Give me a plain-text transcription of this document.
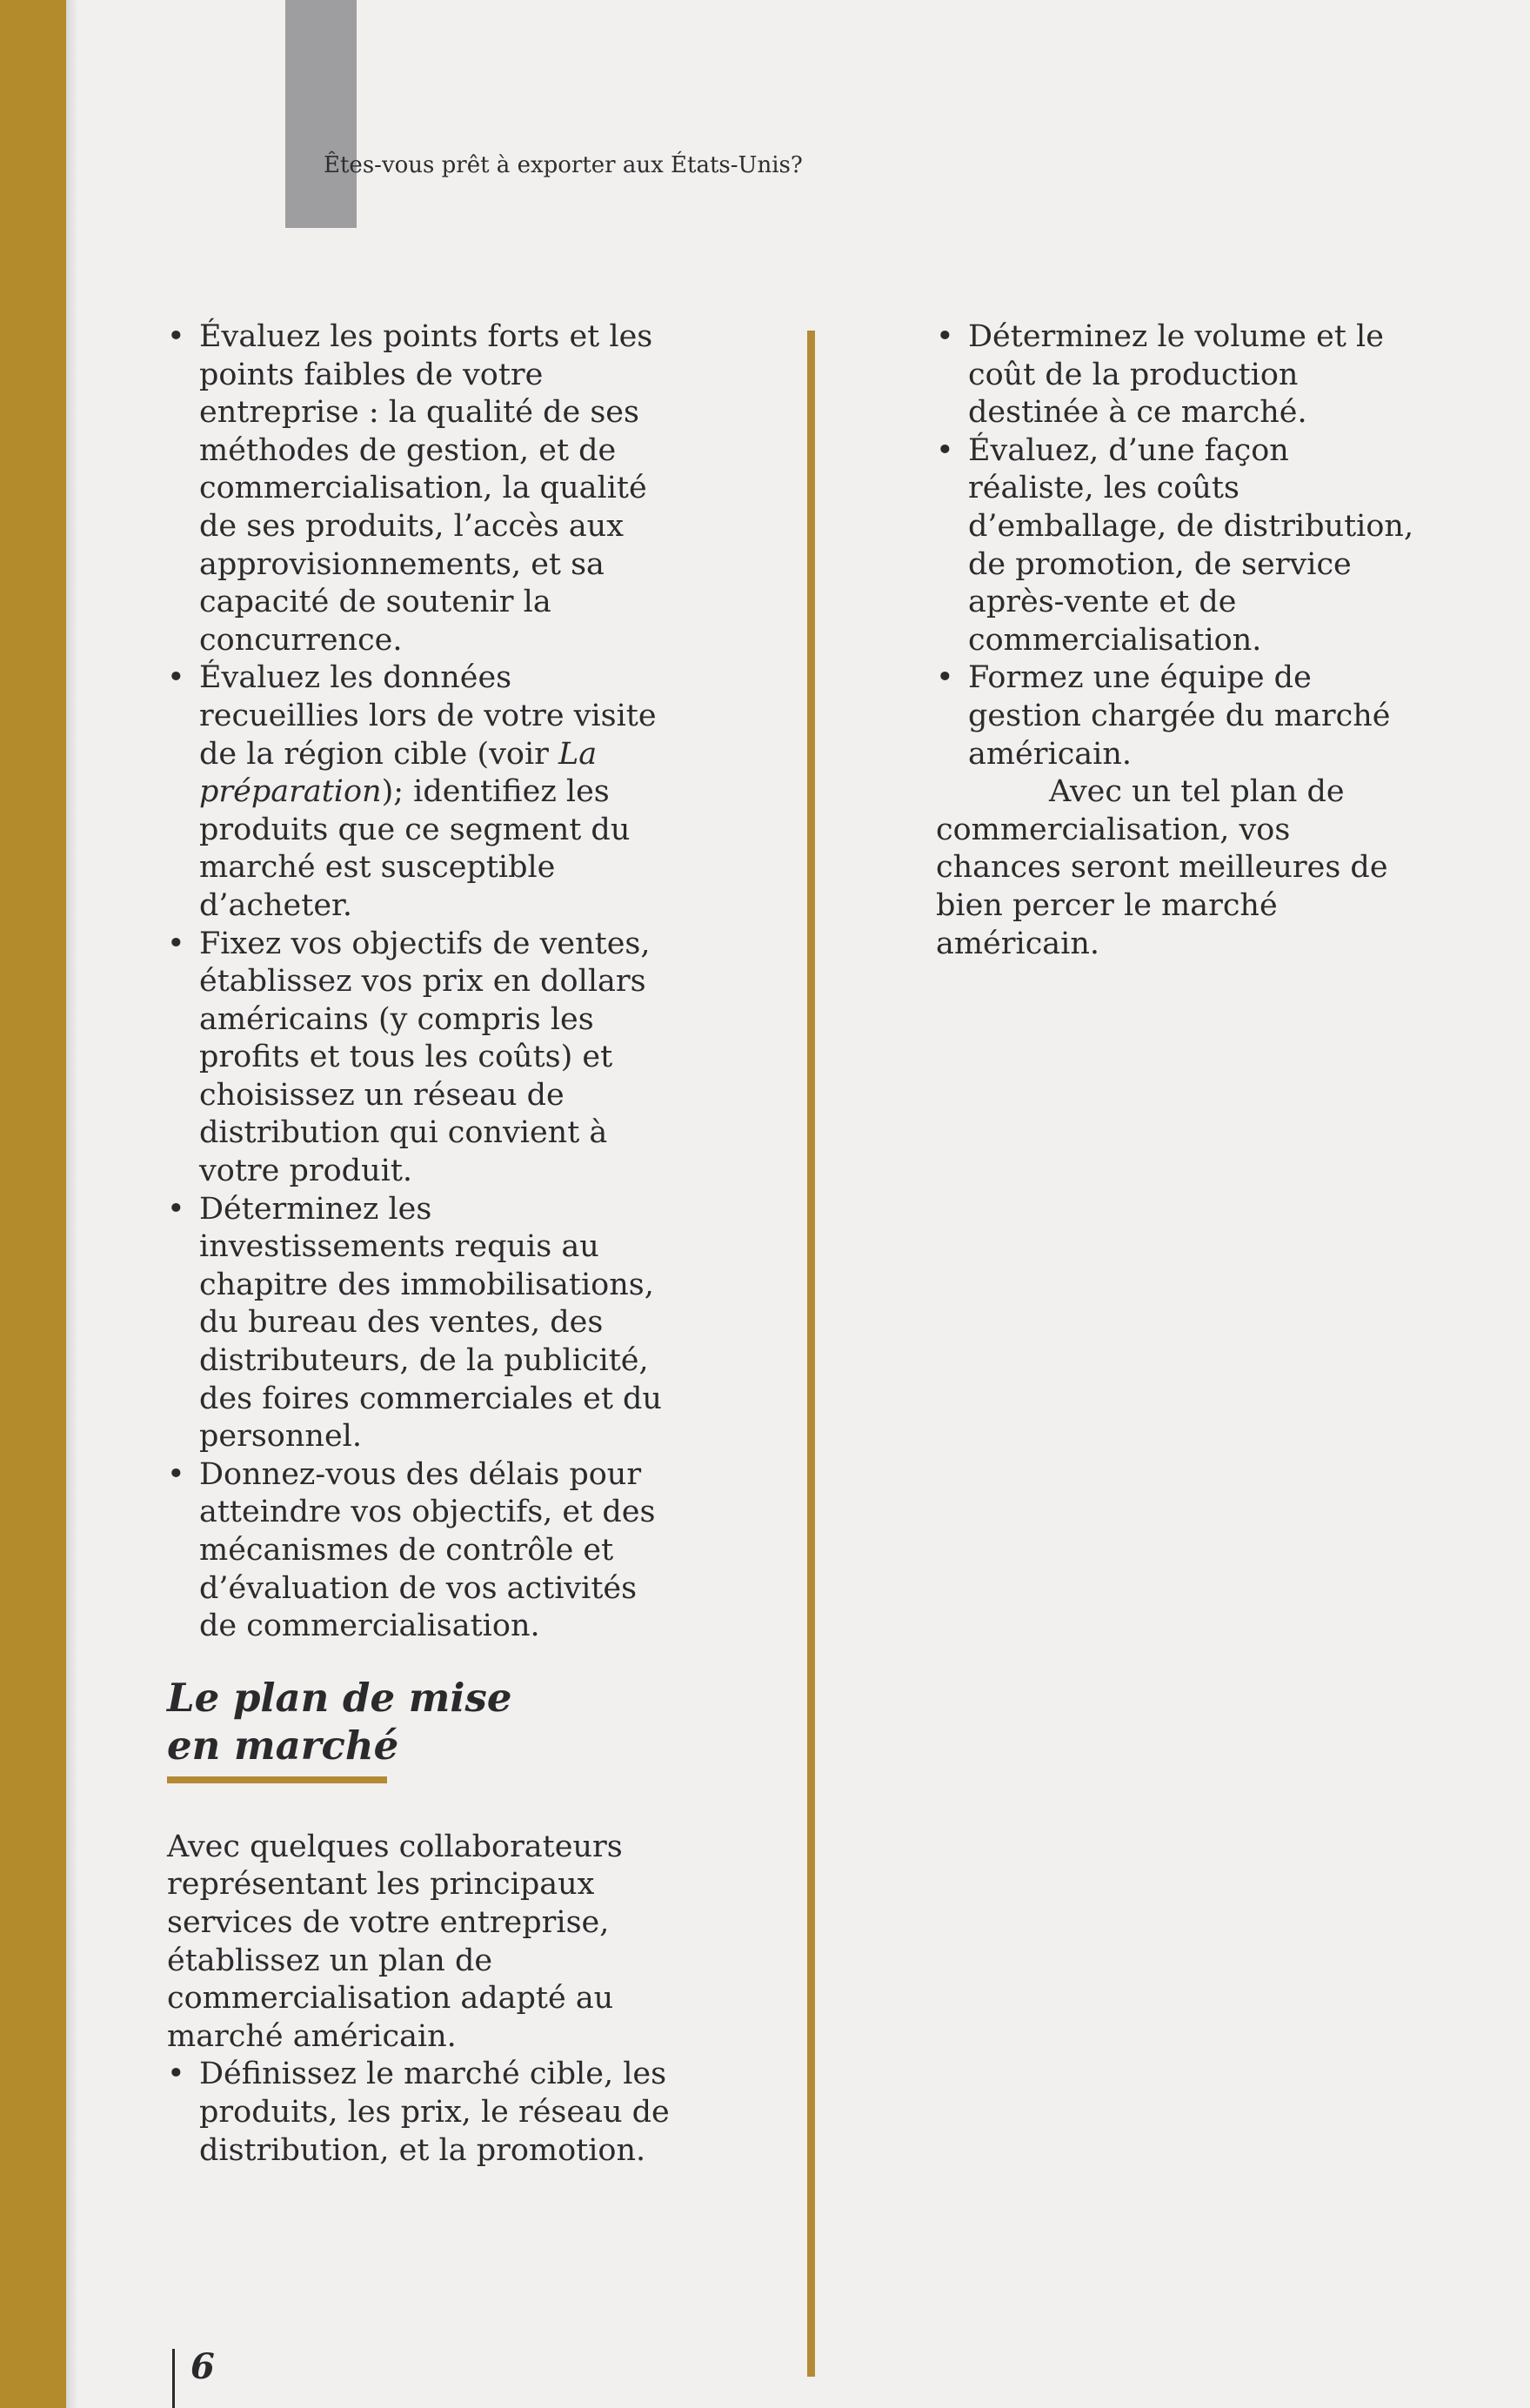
Êtes-vous prêt à exporter aux États-Unis?
• Évaluez les points forts et les points faibles de votre entreprise : la qualité de ses méthodes de gestion, et de commercialisation, la qualité de ses produits, l’accès aux approvisionnements, et sa capacité de soutenir la concurrence.
• Évaluez les données recueillies lors de votre visite de la région cible (voir La préparation); identifiez les produits que ce segment du marché est susceptible d’acheter.
• Fixez vos objectifs de ventes, établissez vos prix en dollars américains (y compris les profits et tous les coûts) et choisissez un réseau de distribution qui convient à votre produit.
• Déterminez les investissements requis au chapitre des immobilisations, du bureau des ventes, des distributeurs, de la publicité, des foires commerciales et du personnel.
• Donnez-vous des délais pour atteindre vos objectifs, et des mécanismes de contrôle et d’évaluation de vos activités de commercialisation.
Le plan de mise
en marché

Avec quelques collaborateurs représentant les principaux services de votre entreprise, établissez un plan de commercialisation adapté au marché américain.

• Définissez le marché cible, les produits, les prix, le réseau de distribution, et la promotion.
• Déterminez le volume et le coût de la production destinée à ce marché.
• Évaluez, d’une façon réaliste, les coûts d’emballage, de distribution, de promotion, de service après-vente et de commercialisation.
• Formez une équipe de gestion chargée du marché américain.

Avec un tel plan de commercialisation, vos chances seront meilleures de bien percer le marché américain.

6
